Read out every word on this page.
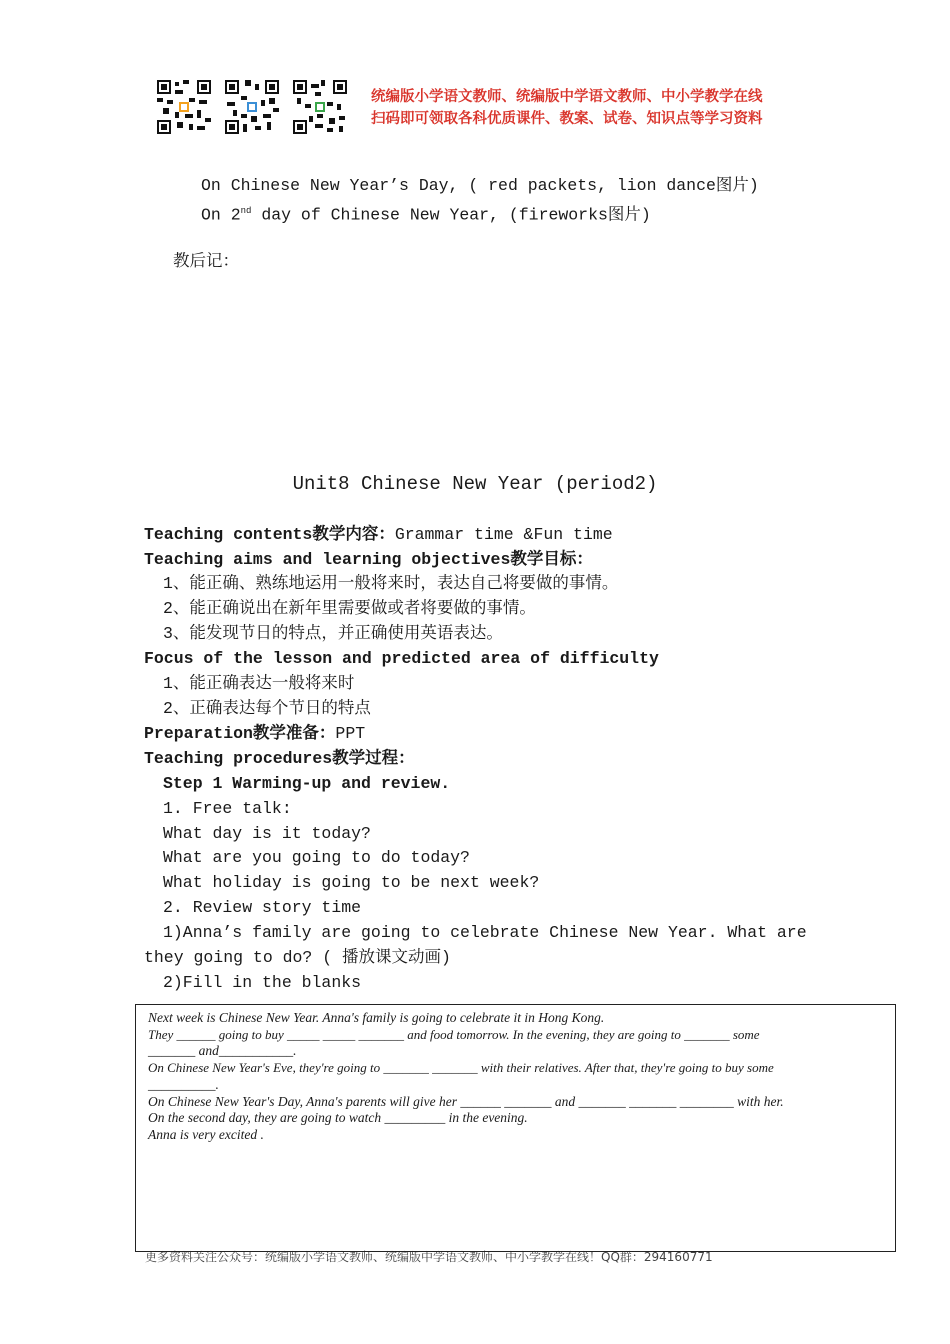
统编版小学语文教师、统编版中学语文教师、中小学教学在线
扫码即可领取各科优质课件、教案、试卷、知识点等学习资料
On Chinese New Year’s Day, ( red packets, lion dance图片)
On 2nd day of Chinese New Year, (fireworks图片)
教后记：
Unit8 Chinese New Year (period2)
Teaching contents教学内容：Grammar time &Fun time
Teaching aims and learning objectives教学目标：
1、能正确、熟练地运用一般将来时，表达自己将要做的事情。
2、能正确说出在新年里需要做或者将要做的事情。
3、能发现节日的特点，并正确使用英语表达。
Focus of the lesson and predicted area of difficulty
1、能正确表达一般将来时
2、正确表达每个节日的特点
Preparation教学准备：PPT
Teaching procedures教学过程：
Step 1 Warming-up and review.
1. Free talk:
What day is it today?
What are you going to do today?
What holiday is going to be next week?
2. Review story time
1)Anna’s family are going to celebrate Chinese New Year. What are
they going to do? ( 播放课文动画)
2)Fill in the blanks
更多资料关注公众号：统编版小学语文教师、统编版中学语文教师、中小学教学在线！QQ群：294160771

Next week is Chinese New Year. Anna's family is going to celebrate it in Hong Kong.

They ______ going to buy _____ _____ _______ and food tomorrow. In the evening, they are going to _______ some

_______ and___________.

On Chinese New Year's Eve, they're going to _______ _______ with their relatives. After that, they're going to buy some

__________.

On Chinese New Year's Day, Anna's parents will give her ______ _______ and _______ _______ ________ with her.

On the second day, they are going to watch _________ in the evening.

Anna is very excited .
